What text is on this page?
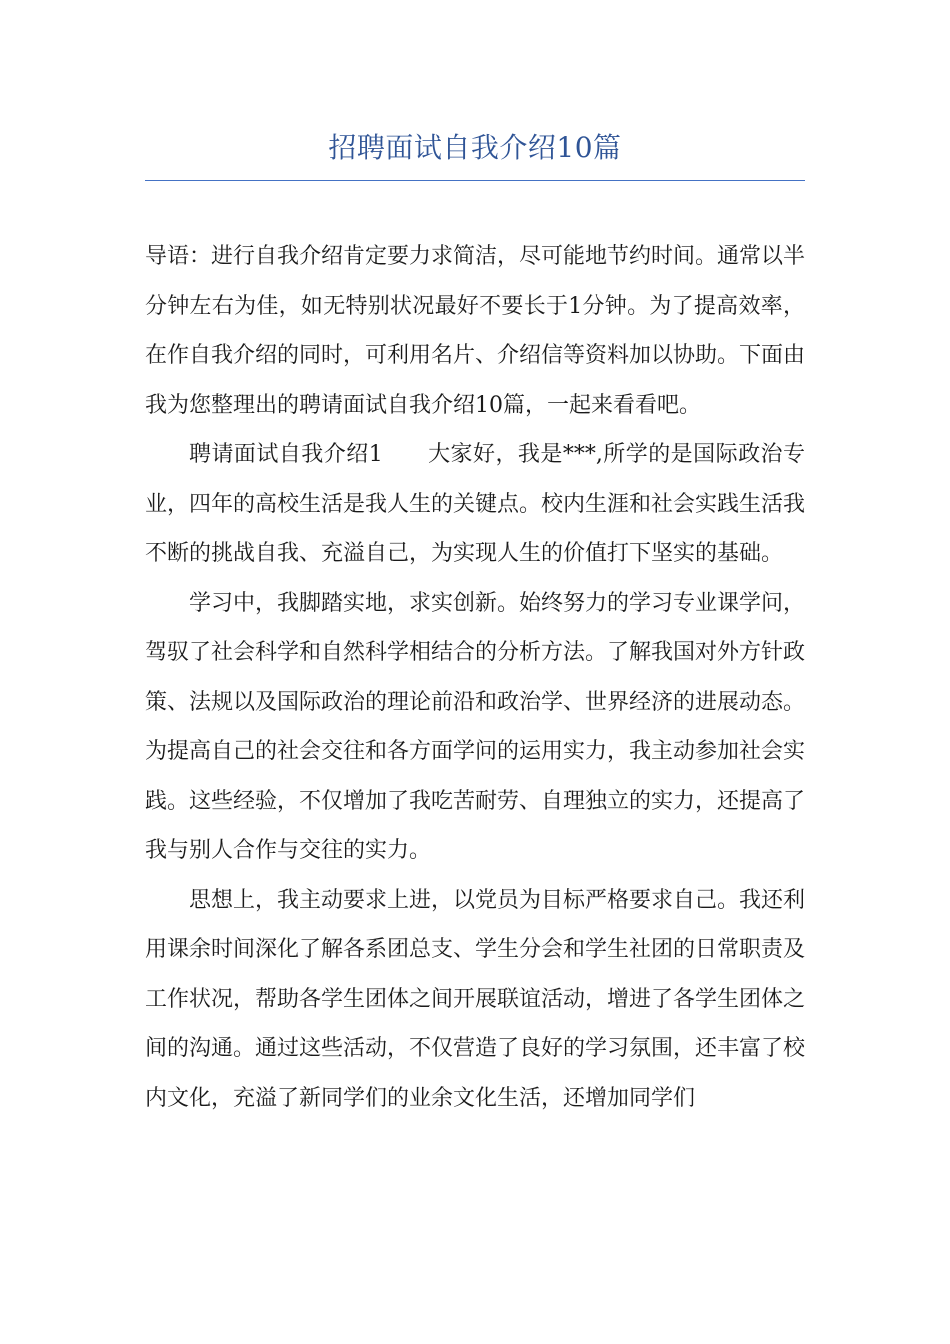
招聘面试自我介绍10篇

导语：进行自我介绍肯定要力求简洁，尽可能地节约时间。通常以半分钟左右为佳，如无特别状况最好不要长于1分钟。为了提高效率，在作自我介绍的同时，可利用名片、介绍信等资料加以协助。下面由我为您整理出的聘请面试自我介绍10篇，一起来看看吧。

聘请面试自我介绍1　　大家好，我是***,所学的是国际政治专业，四年的高校生活是我人生的关键点。校内生涯和社会实践生活我不断的挑战自我、充溢自己，为实现人生的价值打下坚实的基础。

学习中，我脚踏实地，求实创新。始终努力的学习专业课学问，驾驭了社会科学和自然科学相结合的分析方法。了解我国对外方针政策、法规以及国际政治的理论前沿和政治学、世界经济的进展动态。为提高自己的社会交往和各方面学问的运用实力，我主动参加社会实践。这些经验，不仅增加了我吃苦耐劳、自理独立的实力，还提高了我与别人合作与交往的实力。

思想上，我主动要求上进，以党员为目标严格要求自己。我还利用课余时间深化了解各系团总支、学生分会和学生社团的日常职责及工作状况，帮助各学生团体之间开展联谊活动，增进了各学生团体之间的沟通。通过这些活动，不仅营造了良好的学习氛围，还丰富了校内文化，充溢了新同学们的业余文化生活，还增加同学们
